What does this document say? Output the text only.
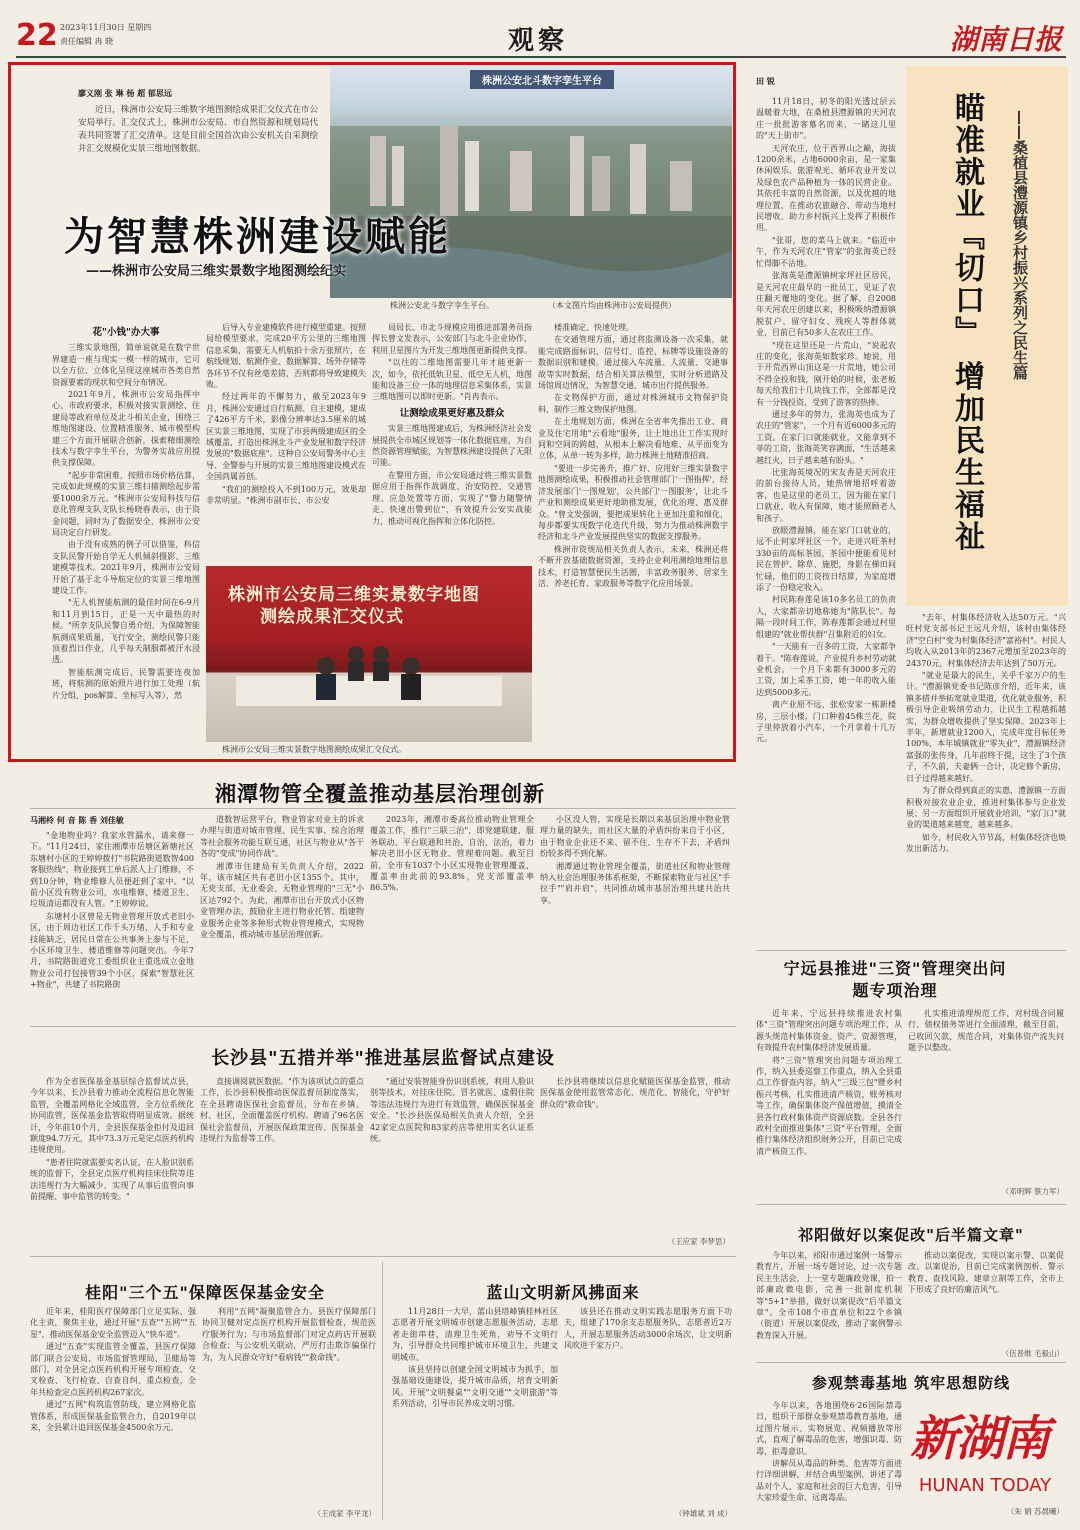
22 2023年11月30日 星期四
责任编辑 冉 晓	观察	湖南日报
株洲公安北斗数字孪生平台
廖义刚 张 琳 杨 超 郁思远
近日，株洲市公安局三维数字地图测绘成果汇交仪式在市公安局举行。汇交仪式上，株洲市公安局、市自然资源和规划局代表共同签署了汇交清单。这是目前全国首次由公安机关自采测绘并汇交规模化实景三维地图数据。
为智慧株洲建设赋能
——株洲市公安局三维实景数字地图测绘纪实
株洲公安北斗数字孪生平台。	（本文图片均由株洲市公安局提供）
花"小钱"办大事

三维实景地图，简单说就是在数字世界建造一座与现实一模一样的城市，它可以全方位、立体化呈现这座城市各类自然资源要素的现状和空间分布情况。

2021年9月，株洲市公安局指挥中心、市政府要求，积极对接实景测绘、住建局等政府单位及北斗相关企业，围绕三维地图建设、位置精准服务、城市模型构建三个方面开展联合创新，探索精细测绘技术与数字孪生平台，为警务实战应用提供支撑保障。

"起步非常困难，按照市场价格估算，完成如此规模的实景三维扫描测绘起步需要1000余万元。"株洲市公安局科技与信息化管理支队支队长杨晓春表示，由于资金问题，同时为了数据安全，株洲市公安局决定自行研发。

由于没有成熟的例子可以借鉴，科信支队民警开始自学无人机倾斜摄影、三维建模等技术。2021年9月，株洲市公安局开始了基于北斗导航定位的实景三维地图建设工作。

"无人机智能航测的最佳时间在6-9月和11月到15日，正是一天中最热的时候。"所幸支队民警自勇介绍，为保障智能航测成果质量，飞行安全，测绘民警只能顶着烈日作业，几乎每天制服都被汗水浸透。

智能航测完成后，民警需要连夜加班，将航测的原始照片进行加工处理（航片分组、pos解算、坐标写入等），然

后导入专业建模软件进行模型重建。按照局给模型要求，完成20平方公里的三维地图信息采集，需要无人机航拍十余万张照片，在航线规划、航测作业、数据解算、场外存储等各环节不仅有丝毫差错，否则都将导致建模失败。

经过两年的不懈努力，截至2023年9月，株洲公安通过自行航测、自主建模，建成了426平方千米，影像分辨率达3.5厘米的城区实景三维地图，实现了市县两级建成区的全域覆盖，打造出株洲北斗产业发展和数字经济发展的"数据底座"。这种自公安局警务中心主导、全警参与开展的实景三维地图建设模式在全国尚属首创。

"我们的测绘投入不到100万元，效果却非常明显。"株洲市副市长、市公安

局局长、市北斗规模应用推进部署务员指挥长曾文发表示，公安部门与北斗企业协作，利用卫星图片为开发三维地图更新提供支撑。

"以往的二维地图需要几年才能更新一次，如今，依托低轨卫星、低空无人机，地图能和设备三位一体的地理信息采集体系，实景三维地图可以即时更新。"肖冉表示。

让测绘成果更好惠及群众

实景三维地图建成后，为株洲经济社会发展提供全市城区规划等一体化数据底座，为自然资源管理赋能，为智慧株洲建设提供了无限可能。

在警用方面，市公安局通过将三维实景数据应用于指挥作战调度、治安防控、交通管理、应急处置等方面，实现了"警力随警情走、快速出警到位"，有效提升公安实战能力，推动可视化指挥和立体化防控。

楼准确定、快速处理。

在交通管理方面，通过将监测设备一次采集，就能完成路面标识、信号灯、监控、标牌等设施设备的数据识别和建模。通过接入车流量、人流量、交通事故等实时数据，结合相关算法模型，实时分析道路及场馆周边情况，为智慧交通、城市出行提供服务。

在文物保护方面，通过对株洲城市文物保护资料，制作三维文物保护地图。

在土地规划方面，株洲在全省率先推出工业、商业及住宅用地"云看地"服务，让土地出让工作实现时间和空间的跨越，从根本上解决看地难、从平面变为立体，从单一转为多样，助力株洲土地精准招商。

"要进一步完善升，推广好、应用好三维实景数字地图测绘成果，积极推动社会管理部门'一图指挥'，经济发展部门'一图规划'，公共部门'一图服务'，让北斗产业和测绘成果更好地助推发展，优化治理、惠及群众。"曾文发强调，要把成果转化上更加注重和细化，每步都要实现数字化迭代升级，努力为推动株洲数字经济和北斗产业发展提供坚实的数据支撑服务。

株洲市资规局相关负责人表示，未来，株洲还将不断开放基础数据资源，支持企业利用测绘地理信息技术，打造智慧便民生活圈，丰富政务服务、居家生活、养老托育、家政服务等数字化应用场景。

株洲市公安局三维实景数字地图
测绘成果汇交仪式
株洲市公安局三维实景数字地图测绘成果汇交仪式。
田 锐

11月18日，初冬的阳光透过层云温暖着大地，在桑植县澧源镇的天河农庄一批批游客慕名而来，一睹这儿里的"天上街市"。

天河农庄，位于西界山之巅，海拔1200余米，占地6000余亩，是一家集休闲娱乐、旅游观光、循环农业开发以及绿色农产品种植为一体的民营企业。其依托丰富的自然资源，以及优越的地理位置，在推动农旅融合、带动当地村民增收、助力乡村振兴上发挥了积极作用。

"张哥，您的菜马上就来。"临近中午，作为天河农庄"管家"的张海英已经忙得脚不沾地。

张海英是澧源镇树家坪社区居民，是天河农庄最早的一批员工，见证了农庄翻天覆地的变化。据了解，自2008年天河农庄创建以来，积极吸纳澧源镇脱贫户、留守妇女、残疾人等群体就业，目前已有50多人在农庄工作。

"现在这里还是一片荒山，"说起农庄的变化，张海英如数家珍。她说，用于开荒西界山顶这是一片荒地，她公司不得全投和钱，刚开始的时候，张老板每天给我们十几块钱工作，全部都是没有一分钱投资，受到了游客的热捧。

通过多年的努力，张海英也成为了农庄的"管家"，一个月有近6000多元的工资。在家门口就能就业，又能拿到不菲的工资，张海英笑容满面，"生活越来越红火，日子越来越有盼头。"

比张海英境况的宋友香是天河农庄的前台接待人员，她热情地招呼着游客，也是这里的老员工，因为能在家门口就业，收入有保障，她才能照顾老人和孩子。

放眼澧源镇，能在家门口就业的，远不止何家坪社区一个。走进兴旺茶村330亩的高标茶园，茶园中便能看见村民在管护、除草、施肥，身影在梯田间忙碌，他们的工资按日结算，为家庭增添了一份稳定收入。

村民陈春莲是该10多名员工的负责人，大家都亲切地称她为"陈队长"。每隔一段时间工作，陈春莲都会通过村里组建的"就业帮扶群"召集附近的妇女。

"一天能有一百多的工资，大家都争着干。"陈春莲说，产业提升乡村劳动就业机会，一个月下来都有3000多元的工资，加上采茶工资，她一年的收入能达到5000多元。

离产业原不远，张松安家一栋新楼房，三层小楼，门口种着45株兰花，院子里停放着小汽车，一个月拿着十几万元。

瞄准就业『切口』 增加民生福祉 ——桑植县澧源镇乡村振兴系列之民生篇

"去年，村集体经济收入达50万元。"兴旺村党支部书记王远凡介绍，该村由集体经济"空白村"变为村集体经济"富裕村"。村民人均收入从2013年的2367元增加至2023年的24370元，村集体经济去年达到了50万元。

"就业是最大的民生，关乎千家万户的生计。"澧源镇党委书记陈彦介绍，近年来，该镇多措并举拓宽就业渠道，优化就业服务，积极引导企业吸纳劳动力，让民生工程越抓越实，为群众增收提供了坚实保障。2023年上半年，新增就业1200人，完成年度目标任务100%，本年城镇就业"零失业"，澧源镇经济富强的张传身，几年前终于提，这生了3个孩子，不久前，夫妻俩一合计，决定修个新房，日子过得越来越好。

为了群众得到真正的实惠，澧源镇一方面积极对接农业企业，推进村集体参与企业发展；另一方面组织开展就业培训，"家门口"就业的渠道越来越宽，越来越多。

如今，村民收入节节高，村集体经济也焕发出新活力。

湘潭物管全覆盖推动基层治理创新
马湘柃 何 音 陈 香 刘佳敏

"金地物业吗？我家水管漏水，请来修一下。"11月24日，家住湘潭市岳塘区新塘社区东塘村小区的王婷婷拨打"书院路街道数智400客服热线"，物业接到工单后派人上门维修，不到10分钟，物业维修人员便赶到了家中。"以前小区没有物业公司，水电维修、楼道卫生、垃圾清运都没有人管。"王婷婷说。

东塘村小区曾是无物业管理开放式老旧小区，由于周边社区工作千头万绪，人手和专业技能缺乏，居民日常在公共事务上参与不足，小区环境卫生、楼道维修等问题突出。今年7月，书院路街道党工委组织业主重选成立金地物业公司打包接管39个小区，探索"智慧社区+物业"，共建了书院路街

道数智运营平台，物业管家对业主的诉求办理与街道对城市管理、民生实事、综合治理等社会服务功能互联互通，社区与物业从"各干各的"变成"协同作战"。

湘潭市住建局有关负责人介绍，2022年，该市城区共有老旧小区1355个。其中，无党支部、无业委会、无物业管理的"三无"小区达792个。为此，湘潭市出台开放式小区物业管理办法，鼓励业主进行物业托管、组建物业服务企业等多种形式物业管理模式，实现物业全覆盖，推动城市基层治理创新。

2023年，湘潭市委高位推动物业管理全覆盖工作，推行"三联三治"，即党建联建、服务联动、平台联通和共治、自治、法治，着力解决老旧小区无物业、管理难问题。截至目前，全市有1037个小区实现物业管理覆盖，覆盖率由此前的93.8%，党支部覆盖率86.5%。

小区没人管，实现是长期以来基层治理中物业管理力量的缺失，而社区大量的矛盾纠纷来自于小区，由于物业企业还不来、留不住、生存不下去，矛盾纠纷较多得不到化解。

湘潭通过物业管理全覆盖，街道社区和物业管理纳入社会治理服务体系框架，不断探索物业与社区"手拉手""肩并肩"，共同推动城市基层治理共建共治共享。

宁远县推进"三资"管理突出问题专项治理

近年来，宁远县持续推进农村集体"三资"管理突出问题专项治理工作，从源头规范村集体资金、资产、资源管理，有效提升农村集体经济发展质量。

将"三资"管理突出问题专项治理工作，纳入县委巡察工作重点，纳入全县重点工作督查内容，纳入"三级三包"暨乡村振兴考核，扎实推进清产核资、账务核对等工作，确保集体资产保值增值，摸清全县各行政村集体资产资源底数。全县各行政村全面推进集体"三资"平台管理，全面推行集体经济组织财务公开，目前已完成清产核资工作。

扎实推进清理规范工作，对村级合同履行、债权债务等进行全面清理，截至目前，已收回欠款、规范合同，对集体资产流失问题予以整改。

（邓明辉 蔡力军）
长沙县"五措并举"推进基层监督试点建设

作为全省医保基金基层综合监督试点县，今年以来，长沙县着力推动全流程信息化智能监管，全覆盖网格化全域监管，全方位系统化协同监管，医保基金监管取得明显成效。据统计，今年前10个月，全县医保基金拒付及追回额度94.7万元，其中73.3万元是定点医药机构违规使用。

"患者住院就需要实名认证，在人脸识别系统的监督下，全县定点医疗机构挂床住院等违法违规行为大幅减少，实现了从事后监管向事前提醒、事中监管的转变。"

直接调阅就医数据。"作为该项试点的重点工作，长沙县积极推动医保监督员制度落实，在全县聘请医保社会监督员，分布在乡镇、村、社区，全面覆盖医疗机构。聘请了96名医保社会监督员，开展医保政策宣传、医保基金违规行为监督等工作。

"通过安装智能身份识别系统，利用人脸识别等技术，对挂床住院、冒名就医、虚假住院等违法违规行为进行有效监管，确保医保基金安全。"长沙县医保局相关负责人介绍，全县42家定点医院和83家药店等使用实名认证系统。

长沙县将继续以信息化赋能医保基金监管，推动医保基金使用监管常态化、规范化、智能化，守护好群众的"救命钱"。

（王应家 李梦思）	祁阳做好以案促改"后半篇文章"

今年以来，祁阳市通过案例一场警示教育片，开展一场专题讨论，过一次专题民主生活会，上一堂专题廉政党课，拍一部廉政微电影，完善一批制度机制等"5+1"举措，做好以案促改"后半篇文章"。全市108个市直单位和22个乡镇（街道）开展以案促改，推动了案例警示教育深入开展。

推动以案促改，实现以案示警、以案促改、以案促治，目前已完成案例剖析、警示教育、查找风险、建章立制等工作，全市上下形成了良好的廉洁风气。

（伍普维 毛毅山）
桂阳"三个五"保障医保基金安全

近年来，桂阳医疗保障部门立足实际、强化主责，聚焦主业，通过开展"五查""五网""五星"，推动医保基金安全监管迈入"快车道"。

通过"五查"实现监管全覆盖，县医疗保障部门联合公安局、市场监督管理局、卫健局等部门，对全县定点医药机构开展专项检查、交叉检查、飞行检查、自查自纠、重点检查，全年共检查定点医药机构267家次。

通过"五网"构筑监管防线，建立网格化监管体系，形成医保基金监管合力，自2019年以来，全县累计追回医保基金4500余万元。

利用"五网"凝聚监管合力。县医疗保障部门协同卫健对定点医疗机构开展监督检查，规范医疗服务行为；与市场监督部门对定点药店开展联合检查；与公安机关联动，严厉打击欺诈骗保行为，为人民群众守好"看病钱""救命钱"。

（王成家 李平龙）
蓝山文明新风拂面来

11月28日一大早，蓝山县塔峰镇桂林社区志愿者开展文明城市创建志愿服务活动，志愿者走街串巷，清理卫生死角，劝导不文明行为，引导群众共同维护城市环境卫生，共建文明城市。

该县坚持以创建全国文明城市为抓手，加强基础设施建设，提升城市品质，培育文明新风。开展"文明餐桌""文明交通""文明旅游"等系列活动，引导市民养成文明习惯。

该县还在推动文明实践志愿服务方面下功夫，组建了170余支志愿服务队，志愿者近2万人，开展志愿服务活动3000余场次，让文明新风吹进千家万户。

（钟雄斌 刘 成）
参观禁毒基地 筑牢思想防线

今年以来，各地围绕6·26国际禁毒日，组织干部群众参观禁毒教育基地，通过图片展示、实物展览、视频播放等形式，直观了解毒品的危害，增强识毒、防毒、拒毒意识。

讲解员从毒品的种类、危害等方面进行详细讲解，并结合典型案例，讲述了毒品对个人、家庭和社会的巨大危害，引导大家珍爱生命、远离毒品。

（朱 娟 苏晨曦）
新湖南
HUNAN TODAY
